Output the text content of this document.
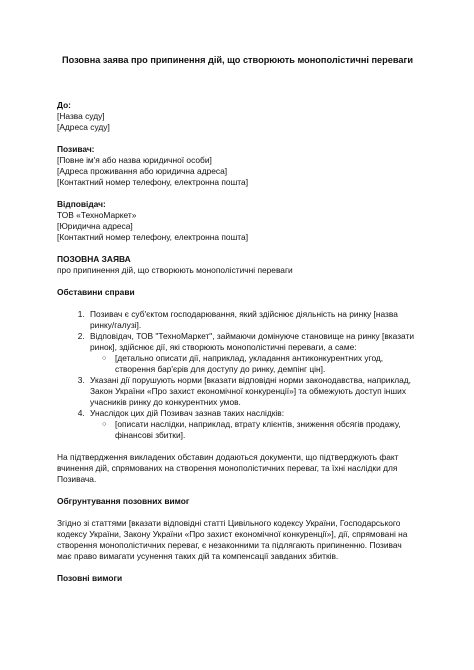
Позовна заява про припинення дій, що створюють монополістичні переваги

До:

[Назва суду]

[Адреса суду]

Позивач:

[Повне ім'я або назва юридичної особи]

[Адреса проживання або юридична адреса]

[Контактний номер телефону, електронна пошта]

Відповідач:

ТОВ «ТехноМаркет»

[Юридична адреса]

[Контактний номер телефону, електронна пошта]

ПОЗОВНА ЗАЯВА

про припинення дій, що створюють монополістичні переваги

Обставини справи

1. Позивач є суб'єктом господарювання, який здійснює діяльність на ринку [назва ринку/галузі].
2. Відповідач, ТОВ "ТехноМаркет", займаючи домінуюче становище на ринку [вказати ринок], здійснює дії, які створюють монополістичні переваги, а саме:
○ [детально описати дії, наприклад, укладання антиконкурентних угод, створення бар'єрів для доступу до ринку, демпінг цін].
3. Указані дії порушують норми [вказати відповідні норми законодавства, наприклад, Закон України «Про захист економічної конкуренції»] та обмежують доступ інших учасників ринку до конкурентних умов.
4. Унаслідок цих дій Позивач зазнав таких наслідків:
○ [описати наслідки, наприклад, втрату клієнтів, зниження обсягів продажу, фінансові збитки].

На підтвердження викладених обставин додаються документи, що підтверджують факт вчинення дій, спрямованих на створення монополістичних переваг, та їхні наслідки для Позивача.

Обгрунтування позовних вимог

Згідно зі статтями [вказати відповідні статті Цивільного кодексу України, Господарського кодексу України, Закону України «Про захист економічної конкуренції»], дії, спрямовані на створення монополістичних переваг, є незаконними та підлягають припиненню. Позивач має право вимагати усунення таких дій та компенсації завданих збитків.

Позовні вимоги
